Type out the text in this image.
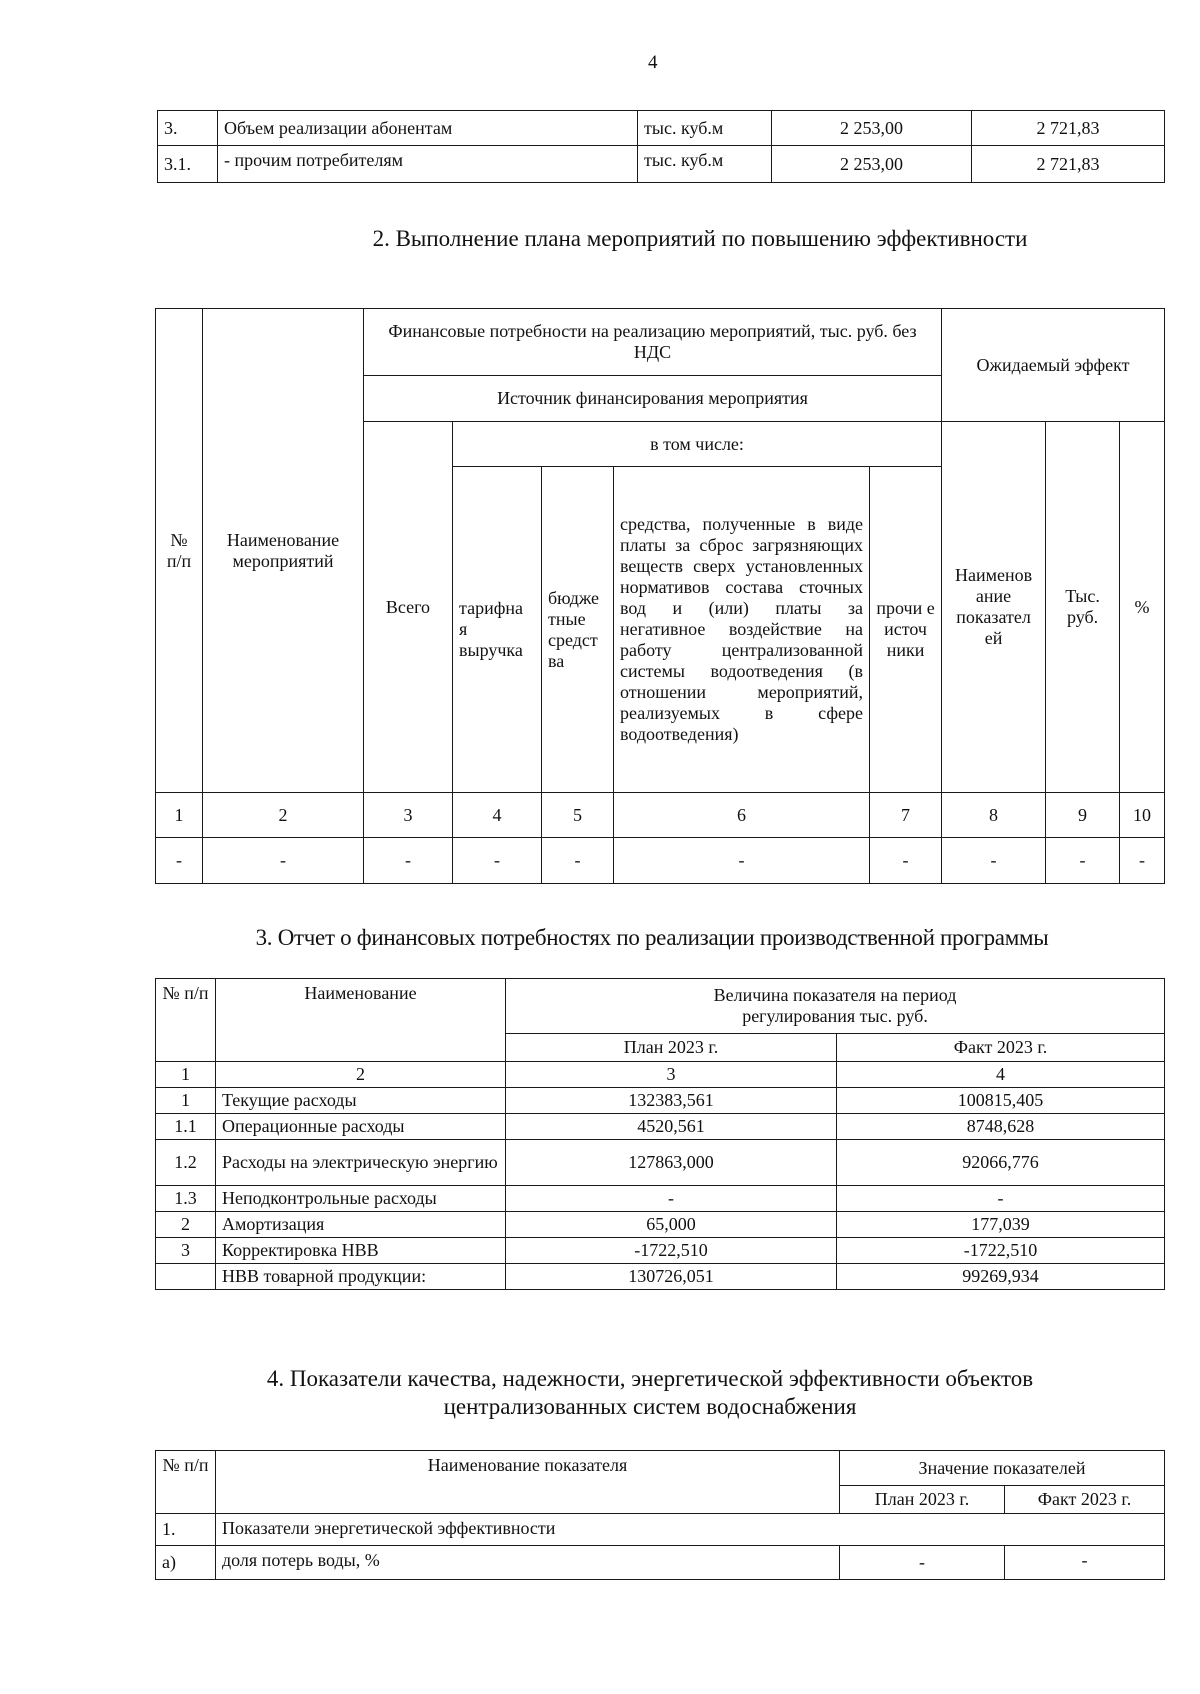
4
3.	Объем реализации абонентам	тыс. куб.м	2 253,00	2 721,83
3.1.	- прочим потребителям	тыс. куб.м	2 253,00	2 721,83
2. Выполнение плана мероприятий по повышению эффективности
№ п/п	Наименование мероприятий	Финансовые потребности на реализацию мероприятий, тыс. руб. без НДС					Ожидаемый эффект		
		Источник финансирования мероприятия							
		Всего	в том числе:				Наименов ание показател ей	Тыс. руб.	%
			тарифна я выручка	бюдже тные средст ва	средства, полученные в виде платы за сброс загрязняющих веществ сверх установленных нормативов состава сточных вод и (или) платы за негативное воздействие на работу централизованной системы водоотведения (в отношении мероприятий, реализуемых в сфере водоотведения)	прочи е источ ники			
1	2	3	4	5	6	7	8	9	10
-	-	-	-	-	-	-	-	-	-
3. Отчет о финансовых потребностях по реализации производственной программы
№ п/п	Наименование	Величина показателя на период регулирования тыс. руб.	
		План 2023 г.	Факт 2023 г.
1	2	3	4
1	Текущие расходы	132383,561	100815,405
1.1	Операционные расходы	4520,561	8748,628
1.2	Расходы на электрическую энергию	127863,000	92066,776
1.3	Неподконтрольные расходы	-	-
2	Амортизация	65,000	177,039
3	Корректировка НВВ	-1722,510	-1722,510
	НВВ товарной продукции:	130726,051	99269,934
4. Показатели качества, надежности, энергетической эффективности объектов
централизованных систем водоснабжения
№ п/п	Наименование показателя	Значение показателей	
		План 2023 г.	Факт 2023 г.
1.	Показатели энергетической эффективности		
а)	доля потерь воды, %	-	-
